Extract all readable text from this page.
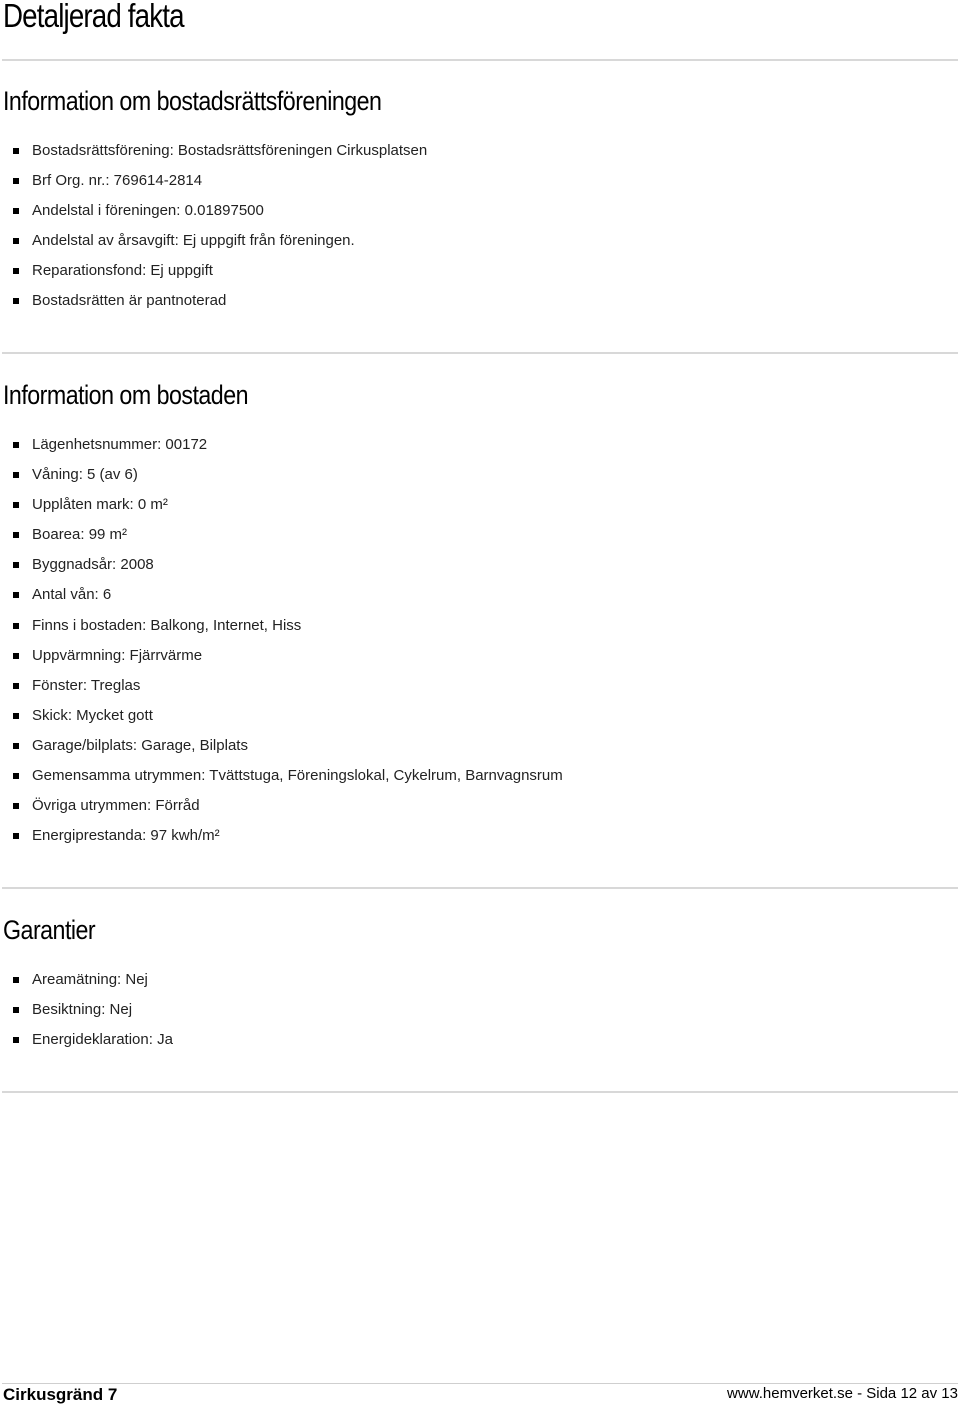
Detaljerad fakta
Information om bostadsrättsföreningen
Bostadsrättsförening: Bostadsrättsföreningen Cirkusplatsen
Brf Org. nr.: 769614-2814
Andelstal i föreningen: 0.01897500
Andelstal av årsavgift: Ej uppgift från föreningen.
Reparationsfond: Ej uppgift
Bostadsrätten är pantnoterad
Information om bostaden
Lägenhetsnummer: 00172
Våning: 5 (av 6)
Upplåten mark: 0 m²
Boarea: 99 m²
Byggnadsår: 2008
Antal vån: 6
Finns i bostaden: Balkong, Internet, Hiss
Uppvärmning: Fjärrvärme
Fönster: Treglas
Skick: Mycket gott
Garage/bilplats: Garage, Bilplats
Gemensamma utrymmen: Tvättstuga, Föreningslokal, Cykelrum, Barnvagnsrum
Övriga utrymmen: Förråd
Energiprestanda: 97 kwh/m²
Garantier
Areamätning: Nej
Besiktning: Nej
Energideklaration: Ja
Cirkusgränd 7	www.hemverket.se - Sida 12 av 13
